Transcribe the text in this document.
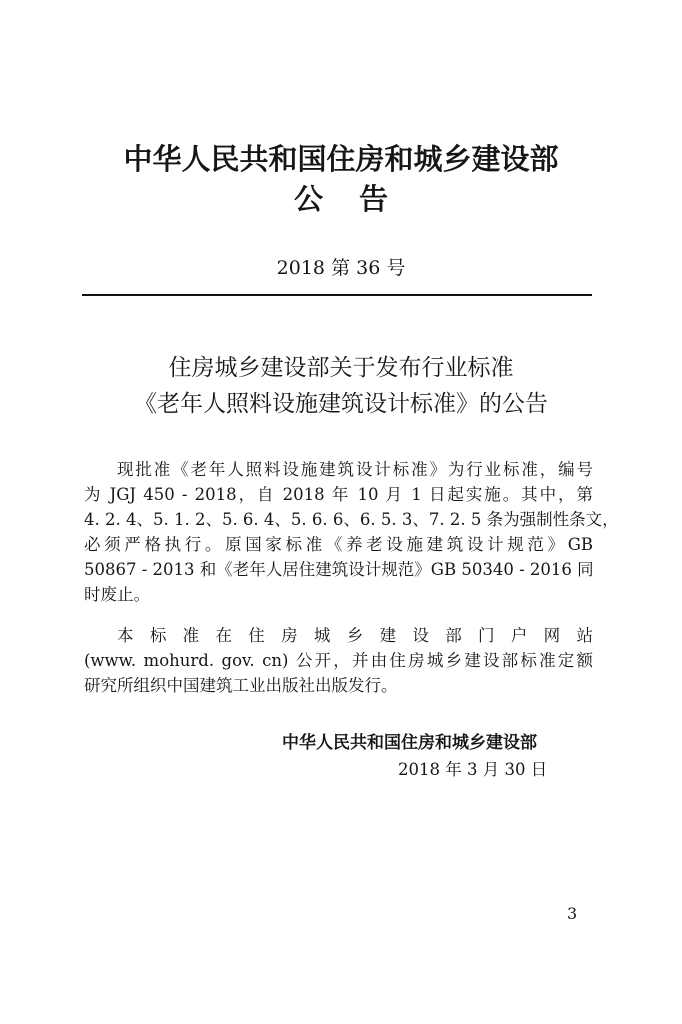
中华人民共和国住房和城乡建设部
公告
2018 第 36 号
住房城乡建设部关于发布行业标准
《老年人照料设施建筑设计标准》的公告
现批准《老年人照料设施建筑设计标准》为行业标准，编号
为 JGJ 450 - 2018，自 2018 年 10 月 1 日起实施。其中，第
4. 2. 4、5. 1. 2、5. 6. 4、5. 6. 6、6. 5. 3、7. 2. 5 条为强制性条文，
必须严格执行。原国家标准《养老设施建筑设计规范》GB
50867 - 2013 和《老年人居住建筑设计规范》GB 50340 - 2016 同
时废止。
本 标 准 在 住 房 城 乡 建 设 部 门 户 网 站
(www. mohurd. gov. cn) 公开，并由住房城乡建设部标准定额
研究所组织中国建筑工业出版社出版发行。
中华人民共和国住房和城乡建设部
2018 年 3 月 30 日
3
